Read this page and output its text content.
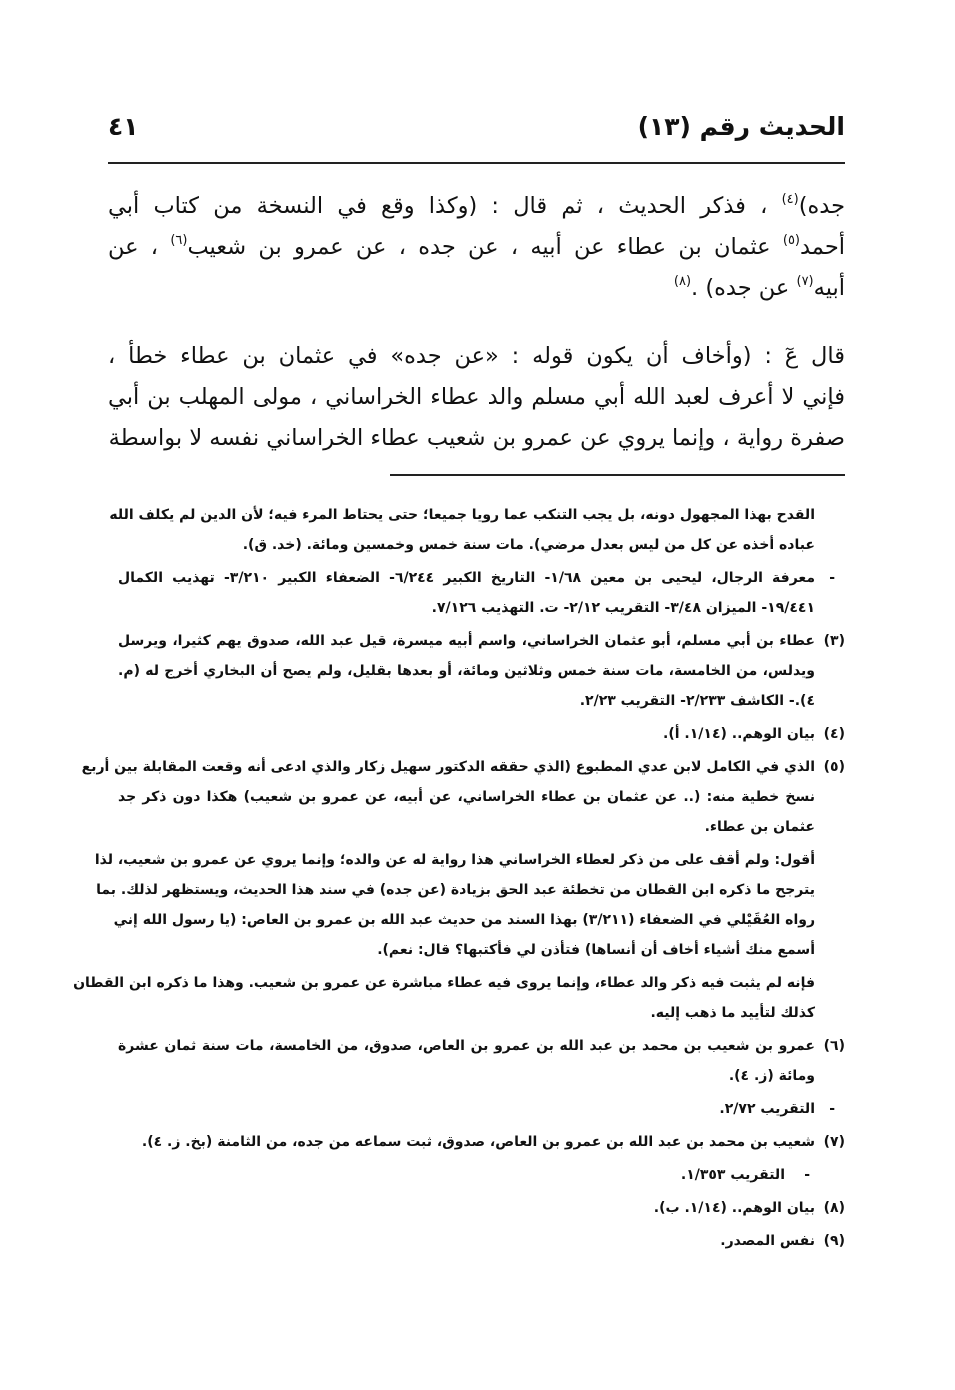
الحديث رقم (١٣)
٤١
جده)$^{(٤)}$ ، فذكر الحديث ، ثم قال : (وكذا وقع في النسخة من كتاب أبي
أحمد$^{(٥)}$ عثمان بن عطاء عن أبيه ، عن جده ، عن عمرو بن شعيب$^{(٦)}$ ، عن
أبيه$^{(٧)}$ عن جده) .$^{(٨)}$
قال عٓ : (وأخاف أن يكون قوله : «عن جده» في عثمان بن عطاء خطأ ،
فإني لا أعرف لعبد الله أبي مسلم والد عطاء الخراساني ، مولى المهلب بن أبي
صفرة رواية ، وإنما يروي عن عمرو بن شعيب عطاء الخراساني نفسه لا بواسطة
القدح بهذا المجهول دونه، بل يجب التنكب عما رويا جميعا؛ حتى يحتاط المرء فيه؛ لأن الدين لم يكلف الله
عباده أخذه عن كل من ليس بعدل مرضي). مات سنة خمس وخمسين ومائة. (خد. ق).
-
معرفة الرجال، ليحيى بن معين ١/٦٨- التاريخ الكبير ٦/٢٤٤- الضعفاء الكبير ٣/٢١٠- تهذيب الكمال
١٩/٤٤١- الميزان ٣/٤٨- التقريب ٢/١٢- ت. التهذيب ٧/١٢٦.
(٣)
عطاء بن أبي مسلم، أبو عثمان الخراساني، واسم أبيه ميسرة، قيل عبد الله، صدوق يهم كثيرا، ويرسل
ويدلس، من الخامسة، مات سنة خمس وثلاثين ومائة، أو بعدها بقليل، ولم يصح أن البخاري أخرج له (م.
٤).- الكاشف ٢/٢٣٣- التقريب ٢/٢٣.
(٤)
بيان الوهم.. (١/١٤. أ).
(٥)
الذي في الكامل لابن عدي المطبوع (الذي حققه الدكتور سهيل زكار والذي ادعى أنه وقعت المقابلة بين أربع
نسخ خطية منه: (.. عن عثمان بن عطاء الخراساني، عن أبيه، عن عمرو بن شعيب) هكذا دون ذكر جد
عثمان بن عطاء.
أقول: ولم أقف على من ذكر لعطاء الخراساني هذا رواية له عن والده؛ وإنما يروي عن عمرو بن شعيب، لذا
يترجح ما ذكره ابن القطان من تخطئة عبد الحق بزيادة (عن جده) في سند هذا الحديث، ويستظهر لذلك. بما
رواه العُقَيْلي في الضعفاء (٣/٢١١) بهذا السند من حديث عبد الله بن عمرو بن العاص: (يا رسول الله إني
أسمع منك أشياء أخاف أن أنساها) فتأذن لي فأكتبها؟ قال: نعم).
فإنه لم يثبت فيه ذكر والد عطاء، وإنما يروى فيه عطاء مباشرة عن عمرو بن شعيب. وهذا ما ذكره ابن القطان
كذلك لتأييد ما ذهب إليه.
(٦)
عمرو بن شعيب بن محمد بن عبد الله بن عمرو بن العاص، صدوق، من الخامسة، مات سنة ثمان عشرة
ومائة (ز. ٤).
-
التقريب ٢/٧٢.
(٧)
شعيب بن محمد بن عبد الله بن عمرو بن العاص، صدوق، ثبت سماعه من جده، من الثامنة (بخ. ز. ٤).
-
التقريب ١/٣٥٣.
(٨)
بيان الوهم.. (١/١٤. ب).
(٩)
نفس المصدر.
